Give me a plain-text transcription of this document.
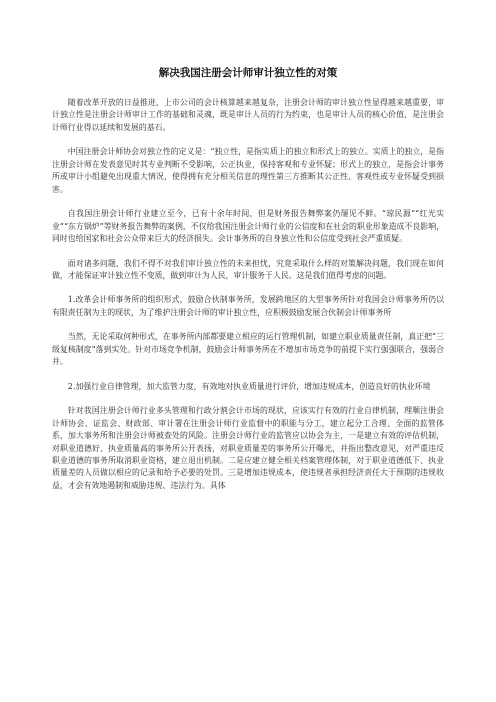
解决我国注册会计师审计独立性的对策

随着改革开放的日益推进，上市公司的会计核算越来越复杂，注册会计师的审计独立性显得越来越重要，审计独立性是注册会计师审计工作的基础和灵魂，既是审计人员的行为约束，也是审计人员的核心价值，是注册会计师行业得以延续和发展的基石。

中国注册会计师协会对独立性的定义是：“独立性，是指实质上的独立和形式上的独立。实质上的独立，是指注册会计师在发表意见时其专业判断不受影响，公正执业，保持客观和专业怀疑；形式上的独立，是指会计事务所或审计小组避免出现重大情况，使得拥有充分相关信息的理性第三方推断其公正性、客观性或专业怀疑受到损害。

自我国注册会计师行业建立至今，已有十余年时间，但是财务报告舞弊案仍屡见不鲜。“琼民源”“红光实业”“东方锅炉”等财务报告舞弊的案例，不仅给我国注册会计师行业的公信度和在社会的职业形象造成不良影响，同时也给国家和社会公众带来巨大的经济损失。会计事务所的自身独立性和公信度受到社会严重质疑。

面对诸多问题，我们不得不对我们审计独立性的未来担忧，究竟采取什么样的对策解决问题，我们现在如何做，才能保证审计独立性不变质，做到审计为人民，审计服务于人民。这是我们值得考虑的问题。

1.改革会计师事务所的组织形式，鼓励合伙制事务所，发展跨地区的大型事务所针对我国会计师事务所仍以有限责任制为主的现状，为了维护注册会计师的审计独立性，应积极鼓励发展合伙制会计师事务所

当然，无论采取何种形式，在事务所内部都要建立相应的运行管理机制，如建立职业质量责任制，真正把“三级复核制度”落到实处。针对市场竞争机制，鼓励会计师事务所在不增加市场竞争的前提下实行强强联合，强弱合并。

2.加强行业自律管理，加大监管力度，有效地对执业质量进行评价，增加违规成本，创造良好的执业环境

针对我国注册会计师行业多头管理和行政分割会计市场的现状，应该实行有效的行业自律机制，理顺注册会计师协会、证监会、财政部、审计署在注册会计师行业监督中的职能与分工，建立起分工合理、全面的监管体系，加大事务所和注册会计师被查处的风险。注册会计师行业的监管应以协会为主，一是建立有效的评估机制，对职业道德好、执业质量高的事务所公开表扬，对职业质量差的事务所公开曝光，并指出整改意见，对严重违反职业道德的事务所取消职业资格，建立退出机制。二是应建立健全相关档案管理体制，对于职业道德低下、执业质量差的人员做以相应的记录和给予必要的处罚。三是增加违规成本，使违规者承担经济责任大于预期的违规收益，才会有效地遏制和威胁违规、违法行为。具体
